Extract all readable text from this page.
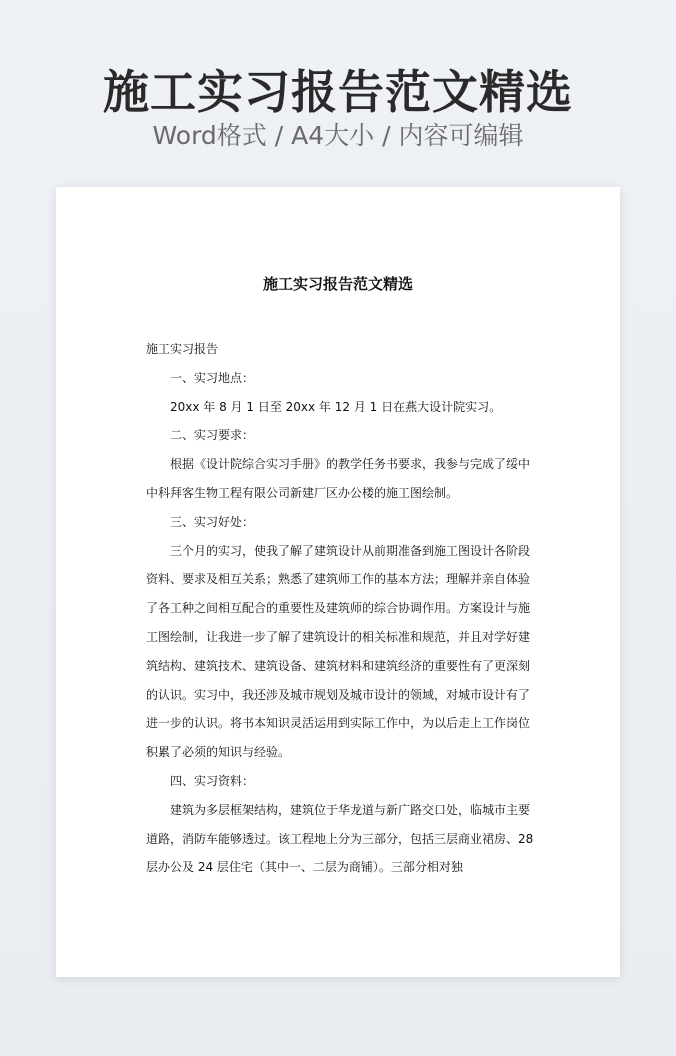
施工实习报告范文精选
Word格式 / A4大小 / 内容可编辑
施工实习报告范文精选

施工实习报告

一、实习地点：

20xx 年 8 月 1 日至 20xx 年 12 月 1 日在燕大设计院实习。

二、实习要求：

根据《设计院综合实习手册》的教学任务书要求，我参与完成了绥中中科拜客生物工程有限公司新建厂区办公楼的施工图绘制。

三、实习好处：

三个月的实习，使我了解了建筑设计从前期准备到施工图设计各阶段资料、要求及相互关系；熟悉了建筑师工作的基本方法；理解并亲自体验了各工种之间相互配合的重要性及建筑师的综合协调作用。方案设计与施工图绘制，让我进一步了解了建筑设计的相关标准和规范，并且对学好建筑结构、建筑技术、建筑设备、建筑材料和建筑经济的重要性有了更深刻的认识。实习中，我还涉及城市规划及城市设计的领域，对城市设计有了进一步的认识。将书本知识灵活运用到实际工作中，为以后走上工作岗位积累了必须的知识与经验。

四、实习资料：

建筑为多层框架结构，建筑位于华龙道与新广路交口处，临城市主要道路，消防车能够透过。该工程地上分为三部分，包括三层商业裙房、28 层办公及 24 层住宅（其中一、二层为商铺）。三部分相对独
